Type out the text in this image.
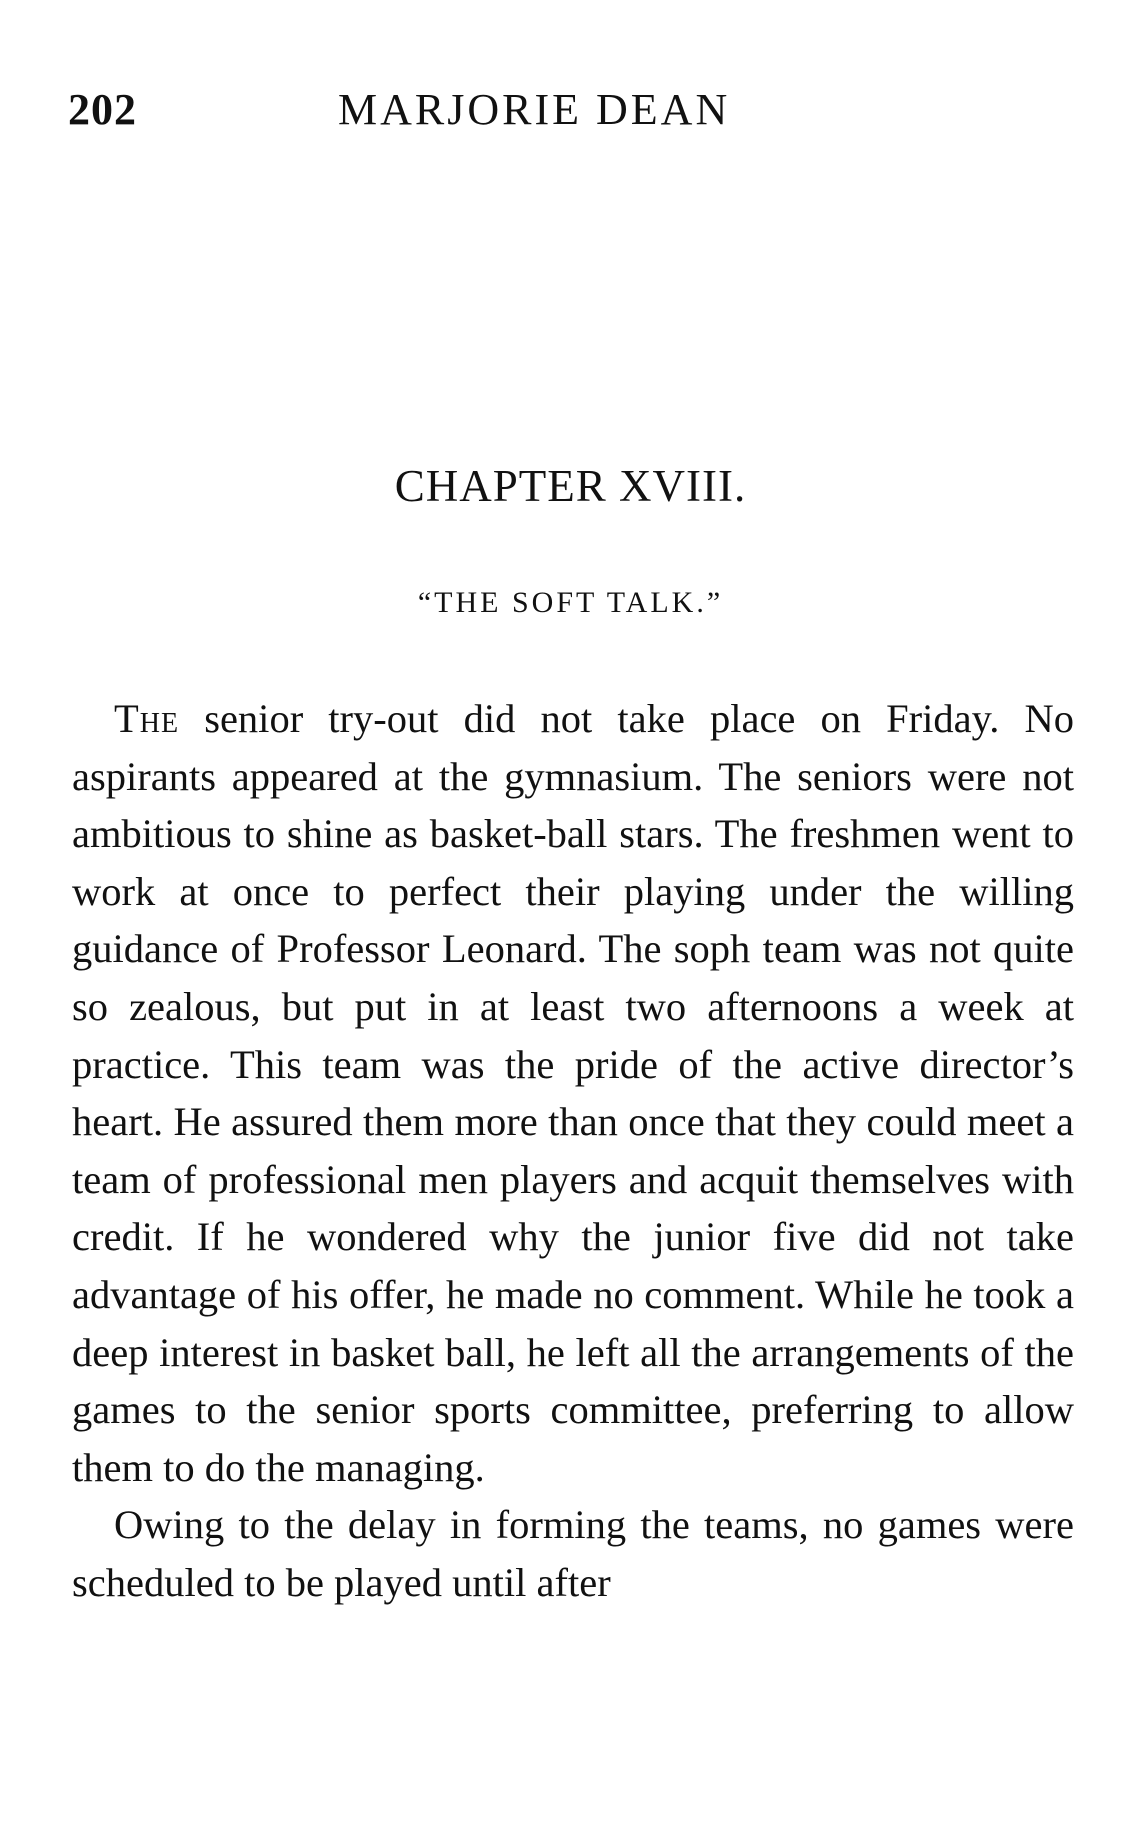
202	MARJORIE DEAN
CHAPTER XVIII.
“THE SOFT TALK.”

The senior try-out did not take place on Friday. No aspirants appeared at the gymnasium. The seniors were not ambitious to shine as basket-ball stars. The freshmen went to work at once to perfect their playing under the willing guidance of Professor Leonard. The soph team was not quite so zealous, but put in at least two afternoons a week at practice. This team was the pride of the active director’s heart. He assured them more than once that they could meet a team of professional men players and acquit themselves with credit. If he wondered why the junior five did not take advantage of his offer, he made no comment. While he took a deep interest in basket ball, he left all the arrangements of the games to the senior sports committee, preferring to allow them to do the managing.

Owing to the delay in forming the teams, no games were scheduled to be played until after
